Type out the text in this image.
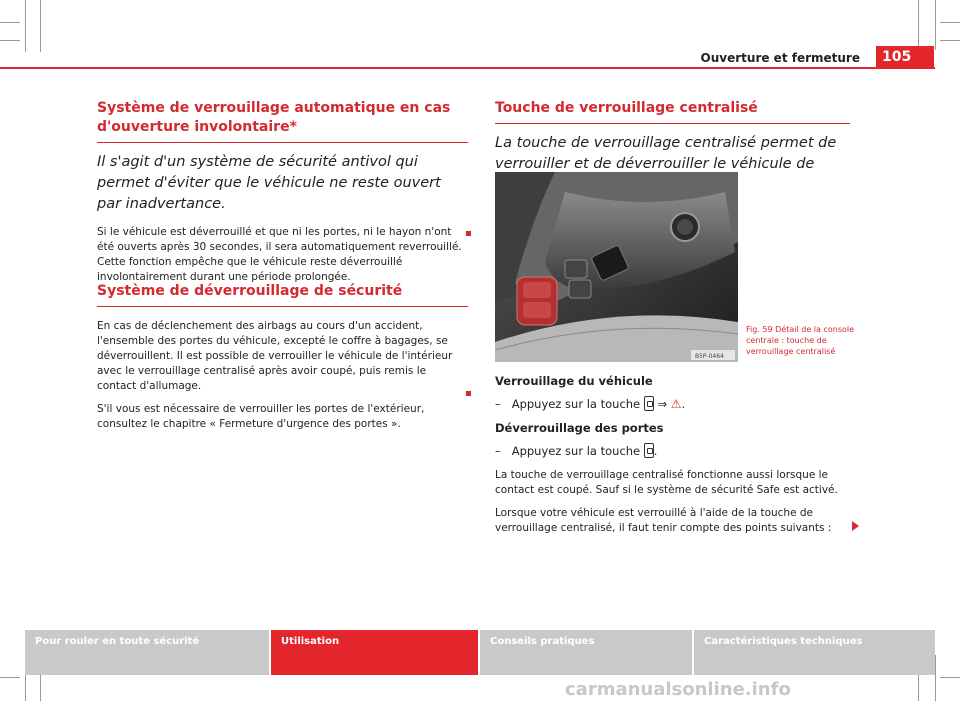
Ouverture et fermeture	105
Système de verrouillage automatique en cas d'ouverture involontaire*

Il s'agit d'un système de sécurité antivol qui permet d'éviter que le véhicule ne reste ouvert par inadvertance.

Si le véhicule est déverrouillé et que ni les portes, ni le hayon n'ont été ouverts après 30 secondes, il sera automatiquement reverrouillé. Cette fonction empêche que le véhicule reste déverrouillé involontairement durant une période prolongée.

Système de déverrouillage de sécurité

En cas de déclenchement des airbags au cours d'un accident, l'ensemble des portes du véhicule, excepté le coffre à bagages, se déverrouillent. Il est possible de verrouiller le véhicule de l'intérieur avec le verrouillage centralisé après avoir coupé, puis remis le contact d'allumage.

S'il vous est nécessaire de verrouiller les portes de l'extérieur, consultez le chapitre « Fermeture d'urgence des portes ».

Touche de verrouillage centralisé

La touche de verrouillage centralisé permet de verrouiller et de déverrouiller le véhicule de

B5P-0464
Fig. 59 Détail de la console centrale : touche de verrouillage centralisé

Verrouillage du véhicule

–   Appuyez sur la touche ⇒ ⚠.

Déverrouillage des portes

–   Appuyez sur la touche .

La touche de verrouillage centralisé fonctionne aussi lorsque le contact est coupé. Sauf si le système de sécurité Safe est activé.

Lorsque votre véhicule est verrouillé à l'aide de la touche de verrouillage centralisé, il faut tenir compte des points suivants :

Pour rouler en toute sécurité	Utilisation	Conseils pratiques	Caractéristiques techniques
carmanualsonline.info
